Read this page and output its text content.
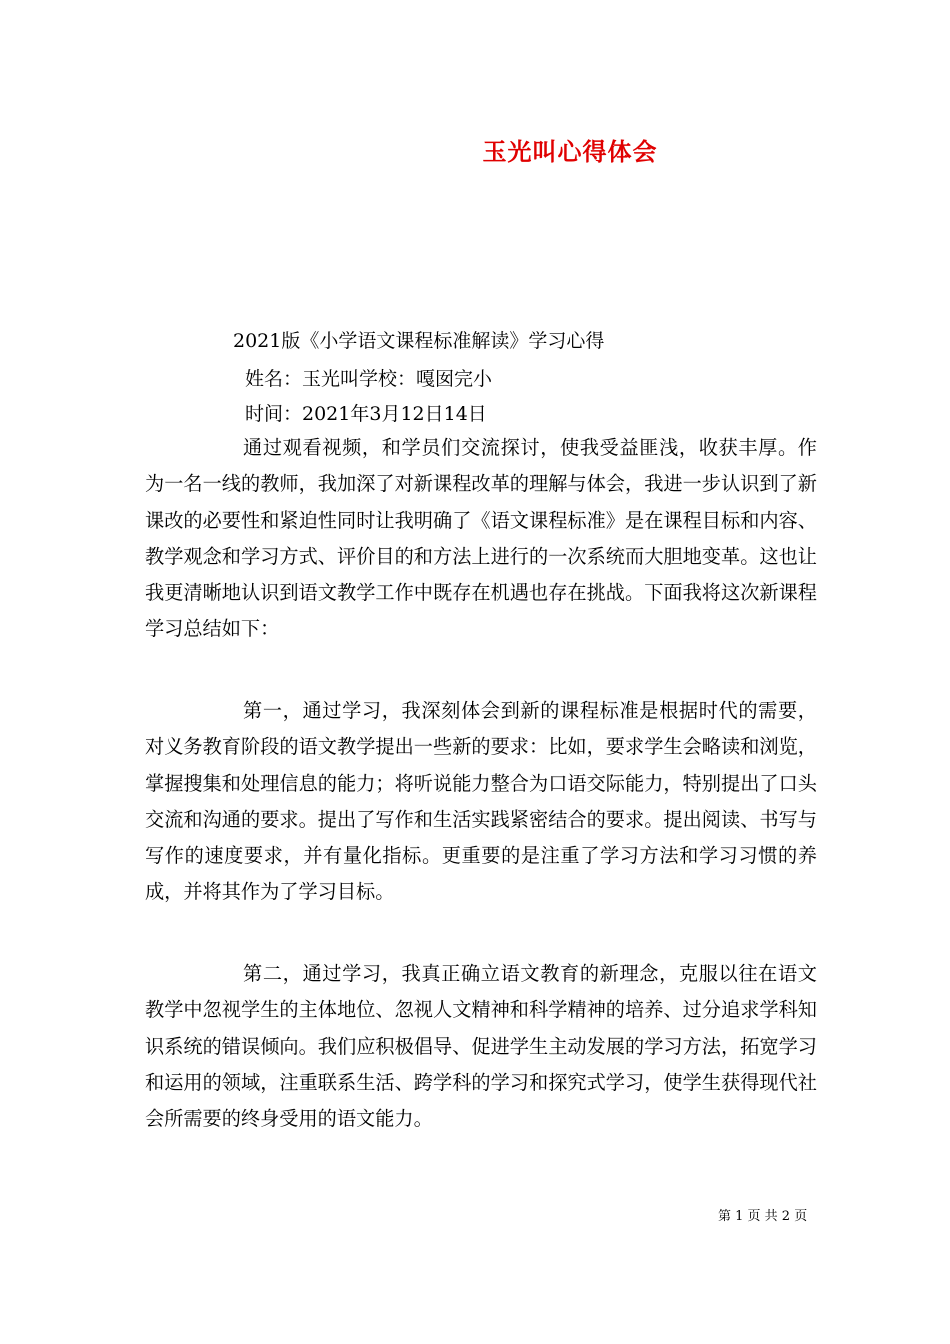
玉光叫心得体会
2021版《小学语文课程标准解读》学习心得
姓名：玉光叫学校：嘎囡完小
时间：2021年3月12日14日

通过观看视频，和学员们交流探讨，使我受益匪浅，收获丰厚。作为一名一线的教师，我加深了对新课程改革的理解与体会，我进一步认识到了新课改的必要性和紧迫性同时让我明确了《语文课程标准》是在课程目标和内容、教学观念和学习方式、评价目的和方法上进行的一次系统而大胆地变革。这也让我更清晰地认识到语文教学工作中既存在机遇也存在挑战。下面我将这次新课程学习总结如下：

第一，通过学习，我深刻体会到新的课程标准是根据时代的需要，对义务教育阶段的语文教学提出一些新的要求：比如，要求学生会略读和浏览，掌握搜集和处理信息的能力；将听说能力整合为口语交际能力，特别提出了口头交流和沟通的要求。提出了写作和生活实践紧密结合的要求。提出阅读、书写与写作的速度要求，并有量化指标。更重要的是注重了学习方法和学习习惯的养成，并将其作为了学习目标。

第二，通过学习，我真正确立语文教育的新理念，克服以往在语文教学中忽视学生的主体地位、忽视人文精神和科学精神的培养、过分追求学科知识系统的错误倾向。我们应积极倡导、促进学生主动发展的学习方法，拓宽学习和运用的领域，注重联系生活、跨学科的学习和探究式学习，使学生获得现代社会所需要的终身受用的语文能力。

第 1 页 共 2 页
